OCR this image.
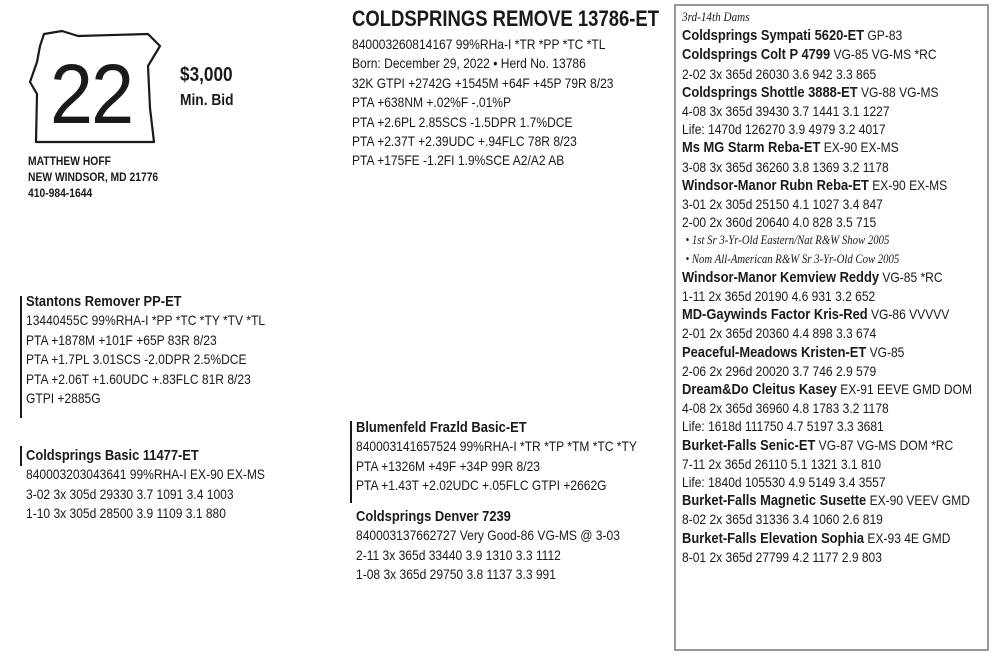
22 $3,000
Min. Bid
MATTHEW HOFF
NEW WINDSOR, MD 21776
410-984-1644
COLDSPRINGS REMOVE 13786-ET
840003260814167 99%RHa-I *TR *PP *TC *TL
Born: December 29, 2022 • Herd No. 13786
32K GTPI +2742G +1545M +64F +45P 79R 8/23
PTA +638NM +.02%F -.01%P
PTA +2.6PL 2.85SCS -1.5DPR 1.7%DCE
PTA +2.37T +2.39UDC +.94FLC 78R 8/23
PTA +175FE -1.2FI 1.9%SCE A2/A2 AB
Stantons Remover PP-ET
13440455C 99%RHA-I *PP *TC *TY *TV *TL
PTA +1878M +101F +65P 83R 8/23
PTA +1.7PL 3.01SCS -2.0DPR 2.5%DCE
PTA +2.06T +1.60UDC +.83FLC 81R 8/23
GTPI +2885G
Coldsprings Basic 11477-ET
840003203043641 99%RHA-I EX-90 EX-MS
3-02 3x 305d 29330 3.7 1091 3.4 1003
1-10 3x 305d 28500 3.9 1109 3.1 880
Blumenfeld Frazld Basic-ET
840003141657524 99%RHA-I *TR *TP *TM *TC *TY
PTA +1326M +49F +34P 99R 8/23
PTA +1.43T +2.02UDC +.05FLC GTPI +2662G
Coldsprings Denver 7239
840003137662727 Very Good-86 VG-MS @ 3-03
2-11 3x 365d 33440 3.9 1310 3.3 1112
1-08 3x 365d 29750 3.8 1137 3.3 991
3rd-14th Dams
Coldsprings Sympati 5620-ET GP-83
Coldsprings Colt P 4799 VG-85 VG-MS *RC
2-02 3x 365d 26030 3.6 942 3.3 865
Coldsprings Shottle 3888-ET VG-88 VG-MS
4-08 3x 365d 39430 3.7 1441 3.1 1227
Life: 1470d 126270 3.9 4979 3.2 4017
Ms MG Starm Reba-ET EX-90 EX-MS
3-08 3x 365d 36260 3.8 1369 3.2 1178
Windsor-Manor Rubn Reba-ET EX-90 EX-MS
3-01 2x 305d 25150 4.1 1027 3.4 847
2-00 2x 360d 20640 4.0 828 3.5 715
• 1st Sr 3-Yr-Old Eastern/Nat R&W Show 2005
• Nom All-American R&W Sr 3-Yr-Old Cow 2005
Windsor-Manor Kemview Reddy VG-85 *RC
1-11 2x 365d 20190 4.6 931 3.2 652
MD-Gaywinds Factor Kris-Red VG-86 VVVVV
2-01 2x 365d 20360 4.4 898 3.3 674
Peaceful-Meadows Kristen-ET VG-85
2-06 2x 296d 20020 3.7 746 2.9 579
Dream&Do Cleitus Kasey EX-91 EEVE GMD DOM
4-08 2x 365d 36960 4.8 1783 3.2 1178
Life: 1618d 111750 4.7 5197 3.3 3681
Burket-Falls Senic-ET VG-87 VG-MS DOM *RC
7-11 2x 365d 26110 5.1 1321 3.1 810
Life: 1840d 105530 4.9 5149 3.4 3557
Burket-Falls Magnetic Susette EX-90 VEEV GMD
8-02 2x 365d 31336 3.4 1060 2.6 819
Burket-Falls Elevation Sophia EX-93 4E GMD
8-01 2x 365d 27799 4.2 1177 2.9 803
